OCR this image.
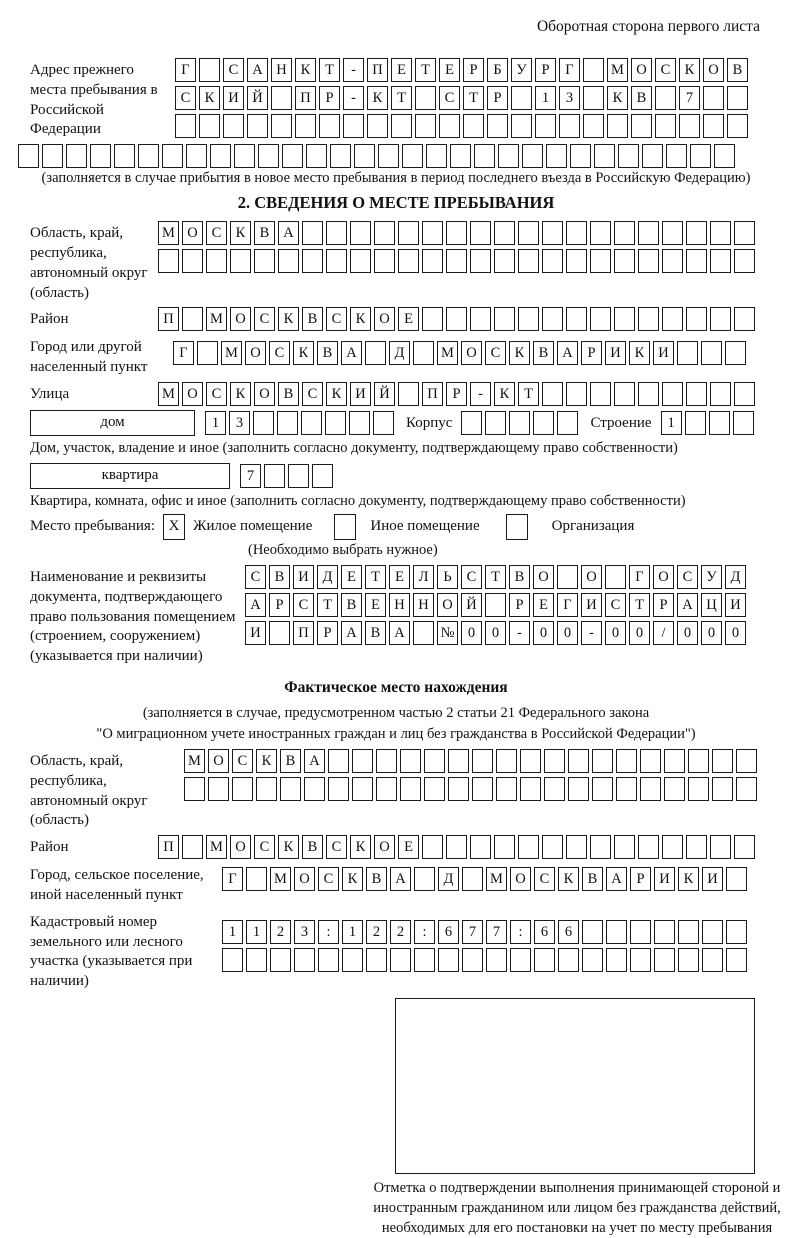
Оборотная сторона первого листа
Адрес прежнего места пребывания в Российской Федерации
Г	С А Н К	Т	-	П Е	Т	Е	Р	Б	У	Р	Г	М О С К О В
С К И Й	П	Р	-	К	Т	С	Т	Р	1	3	К В	7
(заполняется в случае прибытия в новое место пребывания в период последнего въезда в Российскую Федерацию)
2. СВЕДЕНИЯ О МЕСТЕ ПРЕБЫВАНИЯ
Область, край, республика, автономный округ (область)
М О С К В А
Район	П	М О С К В С К О Е
Город или другой населенный пункт
Г	М О С К В А	Д	М О С К В А	Р	И К И
Улица	М О С К О В С К И Й	П	Р	-	К	Т
дом	1	3	Корпус	Строение	1
Дом, участок, владение и иное (заполнить согласно документу, подтверждающему право собственности)
квартира	7
Квартира, комната, офис и иное (заполнить согласно документу, подтверждающему право собственности)
Место пребывания: X Жилое помещение	Иное помещение	Организация
(Необходимо выбрать нужное)
Наименование и реквизиты документа, подтверждающего право пользования помещением (строением, сооружением) (указывается при наличии)
С В И Д	Е	Т	Е	Л	Ь	С	Т	В О	О	Г	О С У Д
А	Р	С	Т	В	Е Н Н О Й	Р	Е	Г	И С	Т	Р	А Ц И
И	П	Р	А В А	№ 0	0	-	0	0	-	0	0	/	0	0	0
Фактическое место нахождения
(заполняется в случае, предусмотренном частью 2 статьи 21 Федерального закона
"О миграционном учете иностранных граждан и лиц без гражданства в Российской Федерации")
Область, край, республика, автономный округ (область)
М О С К В А
Район	П	М О С К В С К О Е
Город, сельское поселение, иной населенный пункт
Г	М О С К В А	Д	М О С К В А	Р	И К И
Кадастровый номер земельного или лесного участка (указывается при наличии)
1	1	2	3	:	1	2	2	:	6	7	7	:	6	6
Отметка о подтверждении выполнения принимающей стороной и иностранным гражданином или лицом без гражданства действий, необходимых для его постановки на учет по месту пребывания
